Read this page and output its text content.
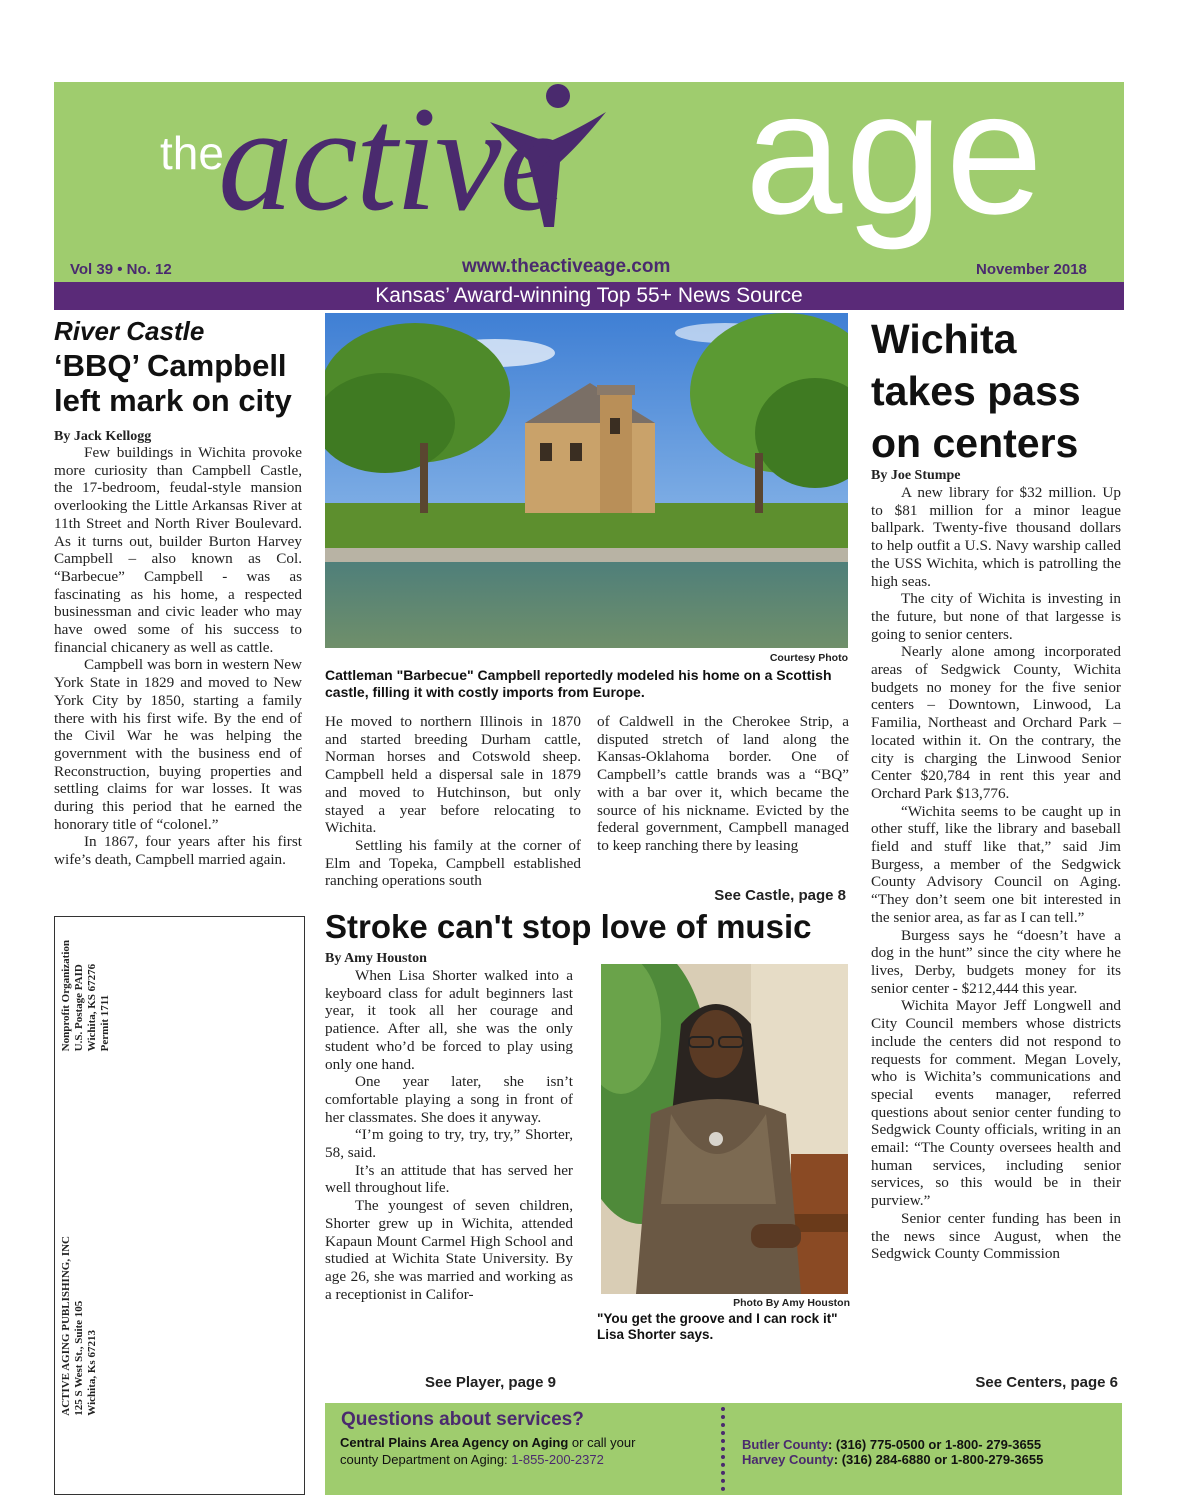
the
active age
Vol 39 • No. 12	www.theactiveage.com	November 2018
Kansas’ Award-winning Top 55+ News Source
River Castle
‘BBQ’ Campbell left mark on city
By Jack Kellogg

Few buildings in Wichita provoke more curiosity than Campbell Castle, the 17-bedroom, feudal-style mansion overlooking the Little Arkansas River at 11th Street and North River Boulevard. As it turns out, builder Burton Harvey Campbell – also known as Col. “Barbecue” Campbell - was as fascinating as his home, a respected businessman and civic leader who may have owed some of his success to financial chicanery as well as cattle.

Campbell was born in western New York State in 1829 and moved to New York City by 1850, starting a family there with his first wife. By the end of the Civil War he was helping the government with the business end of Reconstruction, buying properties and settling claims for war losses. It was during this period that he earned the honorary title of “colonel.”

In 1867, four years after his first wife’s death, Campbell married again.

Courtesy Photo
Cattleman "Barbecue" Campbell reportedly modeled his home on a Scottish castle, filling it with costly imports from Europe.

He moved to northern Illinois in 1870 and started breeding Durham cattle, Norman horses and Cotswold sheep. Campbell held a dispersal sale in 1879 and moved to Hutchinson, but only stayed a year before relocating to Wichita.

Settling his family at the corner of Elm and Topeka, Campbell established ranching operations south

of Caldwell in the Cherokee Strip, a disputed stretch of land along the Kansas-Oklahoma border. One of Campbell’s cattle brands was a “BQ” with a bar over it, which became the source of his nickname. Evicted by the federal government, Campbell managed to keep ranching there by leasing

See Castle, page 8
Stroke can't stop love of music
By Amy Houston

When Lisa Shorter walked into a keyboard class for adult beginners last year, it took all her courage and patience. After all, she was the only student who’d be forced to play using only one hand.

One year later, she isn’t comfortable playing a song in front of her classmates. She does it anyway.

“I’m going to try, try, try,” Shorter, 58, said.

It’s an attitude that has served her well throughout life.

The youngest of seven children, Shorter grew up in Wichita, attended Kapaun Mount Carmel High School and studied at Wichita State University. By age 26, she was married and working as a receptionist in Califor-

Photo By Amy Houston
"You get the groove and I can rock it" Lisa Shorter says.
See Player, page 9
Wichita takes pass on centers
By Joe Stumpe

A new library for $32 million. Up to $81 million for a minor league ballpark. Twenty-five thousand dollars to help outfit a U.S. Navy warship called the USS Wichita, which is patrolling the high seas.

The city of Wichita is investing in the future, but none of that largesse is going to senior centers.

Nearly alone among incorporated areas of Sedgwick County, Wichita budgets no money for the five senior centers – Downtown, Linwood, La Familia, Northeast and Orchard Park – located within it. On the contrary, the city is charging the Linwood Senior Center $20,784 in rent this year and Orchard Park $13,776.

“Wichita seems to be caught up in other stuff, like the library and baseball field and stuff like that,” said Jim Burgess, a member of the Sedgwick County Advisory Council on Aging. “They don’t seem one bit interested in the senior area, as far as I can tell.”

Burgess says he “doesn’t have a dog in the hunt” since the city where he lives, Derby, budgets money for its senior center - $212,444 this year.

Wichita Mayor Jeff Longwell and City Council members whose districts include the centers did not respond to requests for comment. Megan Lovely, who is Wichita’s communications and special events manager, referred questions about senior center funding to Sedgwick County officials, writing in an email: “The County oversees health and human services, including senior services, so this would be in their purview.”

Senior center funding has been in the news since August, when the Sedgwick County Commission

See Centers, page 6
Nonprofit Organization U.S. Postage PAID Wichita, KS 67276 Permit 1711
ACTIVE AGING PUBLISHING, INC 125 S West St., Suite 105 Wichita, Ks 67213
Questions about services?
Central Plains Area Agency on Aging or call your
county Department on Aging: 1-855-200-2372
Butler County: (316) 775-0500 or 1-800- 279-3655
Harvey County: (316) 284-6880 or 1-800-279-3655
